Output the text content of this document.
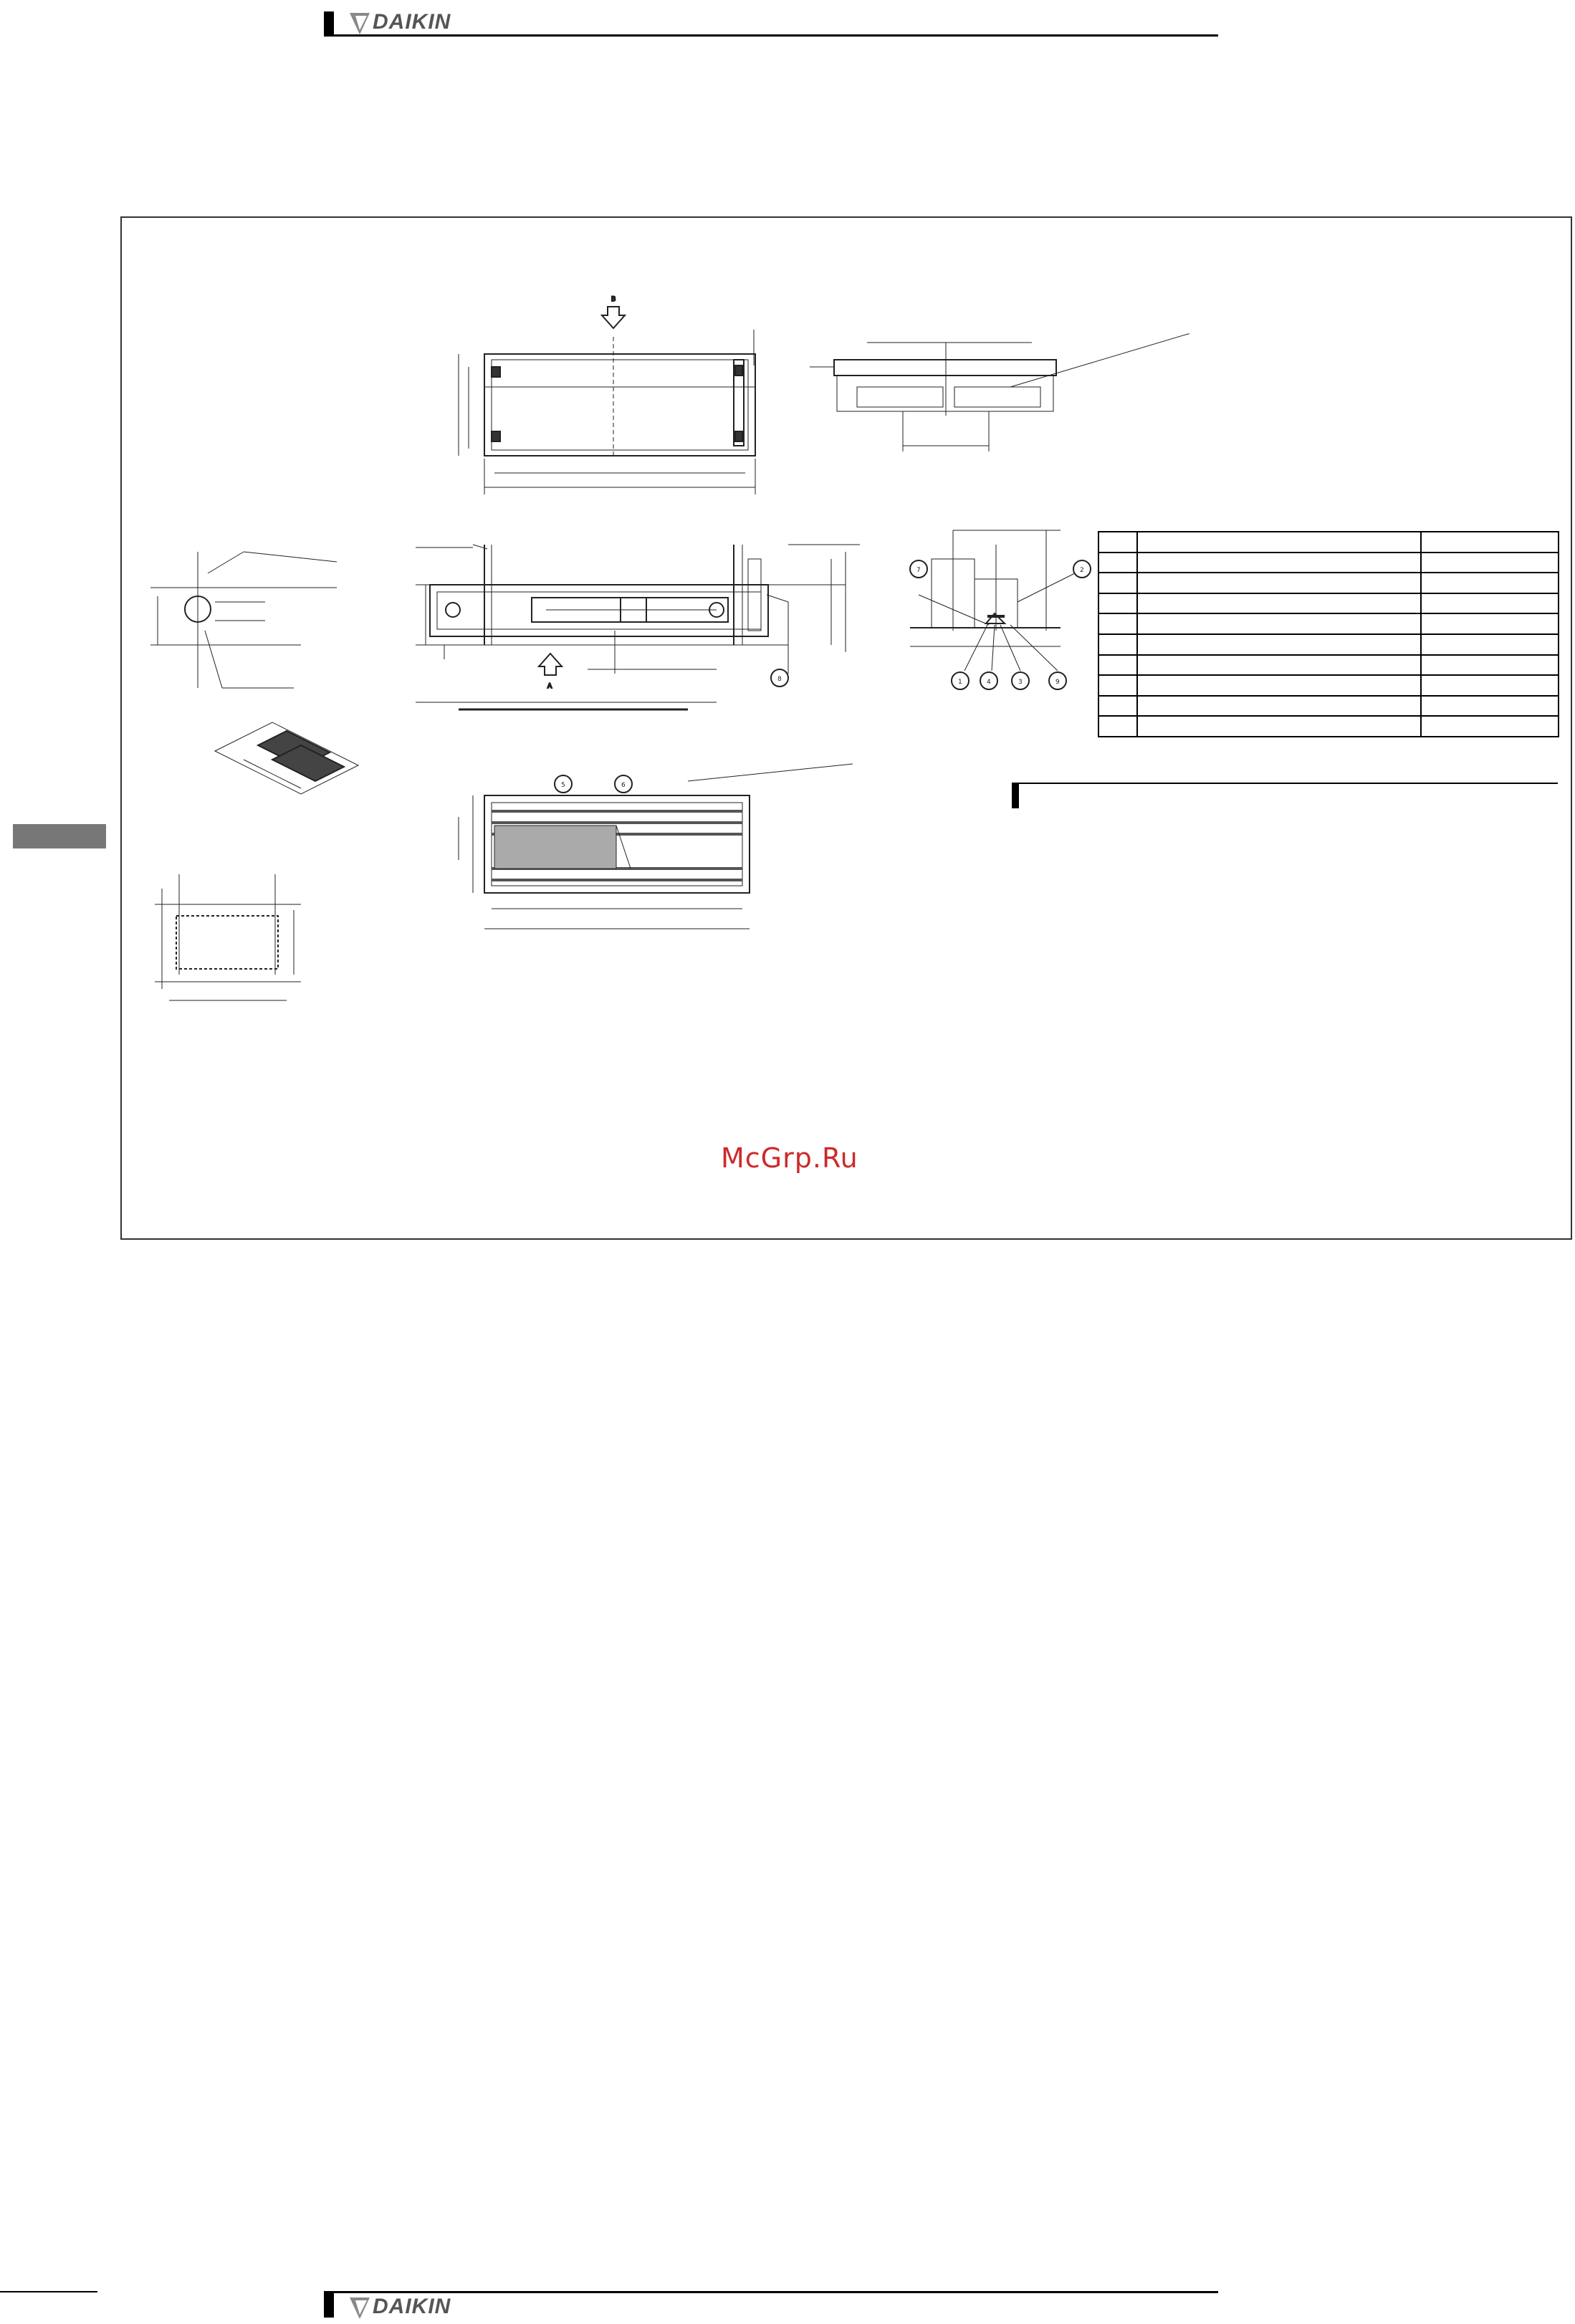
DAIKIN
B
A
7	2
1	4	3	9
8
5	6

McGrp.Ru
DAIKIN
